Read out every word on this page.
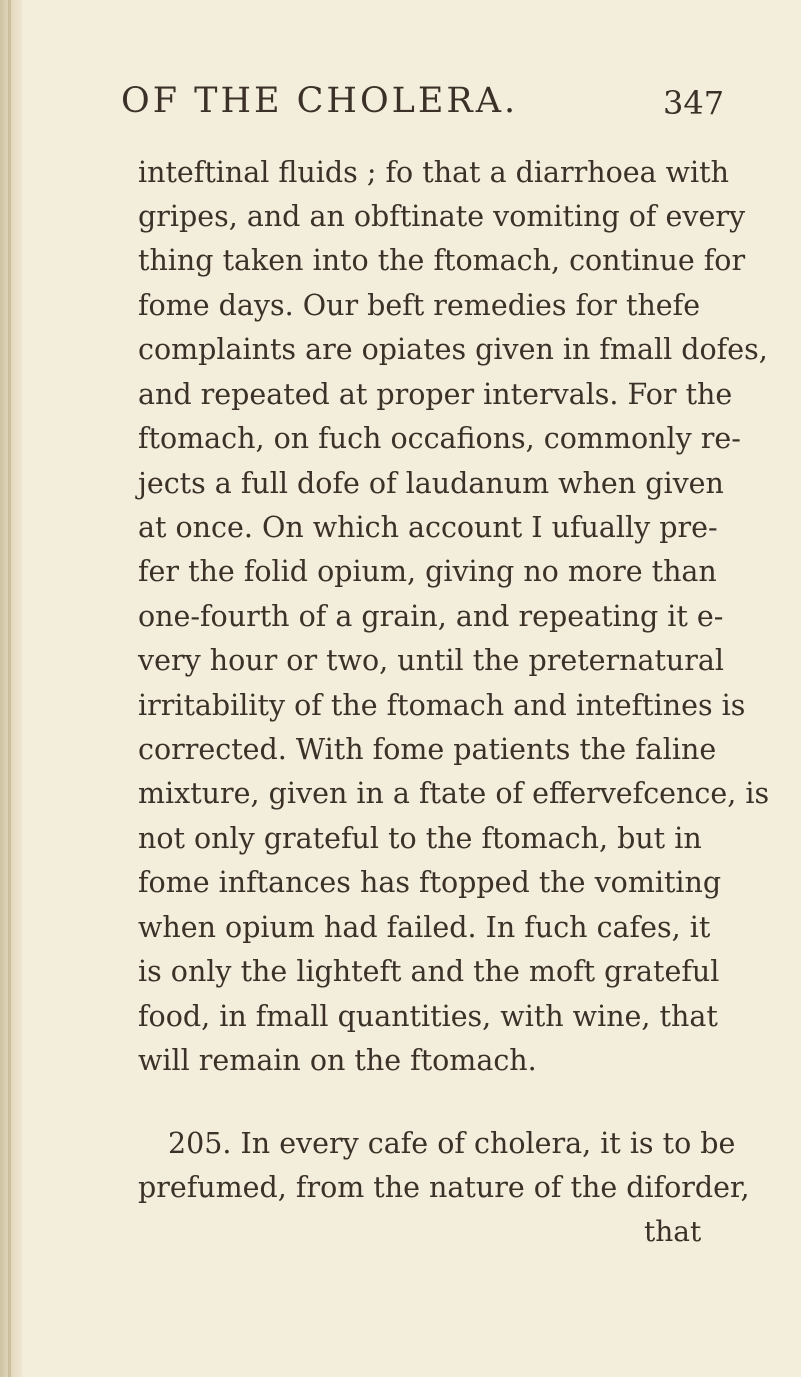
OF THE CHOLERA.	347
inteftinal fluids ; fo that a diarrhoea with
gripes, and an obftinate vomiting of every
thing taken into the ftomach, continue for
fome days. Our beft remedies for thefe
complaints are opiates given in fmall dofes,
and repeated at proper intervals. For the
ftomach, on fuch occafions, commonly re-
jects a full dofe of laudanum when given
at once. On which account I ufually pre-
fer the folid opium, giving no more than
one-fourth of a grain, and repeating it e-
very hour or two, until the preternatural
irritability of the ftomach and inteftines is
corrected. With fome patients the faline
mixture, given in a ftate of effervefcence, is
not only grateful to the ftomach, but in
fome inftances has ftopped the vomiting
when opium had failed. In fuch cafes, it
is only the lighteft and the moft grateful
food, in fmall quantities, with wine, that
will remain on the ftomach.
205. In every cafe of cholera, it is to be
prefumed, from the nature of the diforder,
that
